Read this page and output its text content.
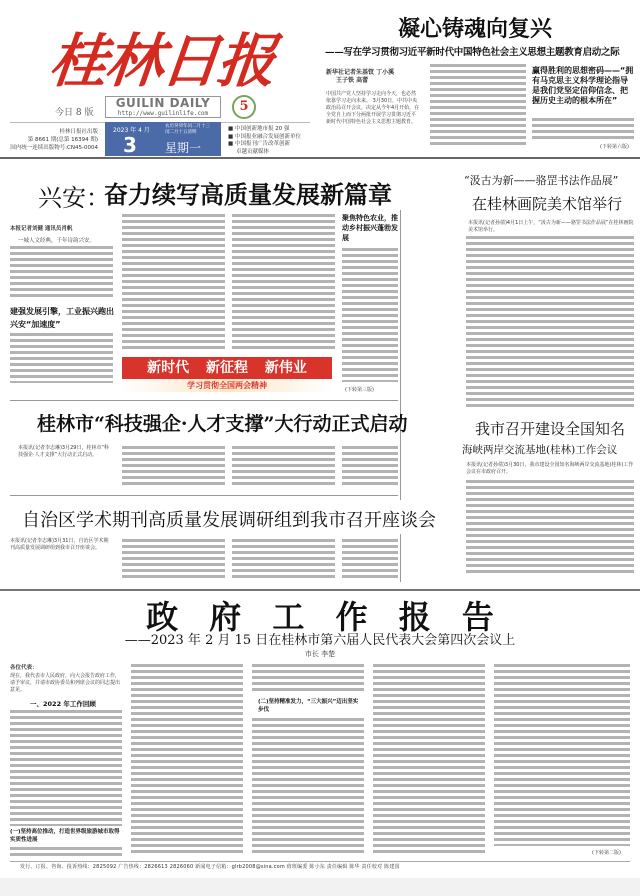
桂林日报
今日 8 版
GUILIN DAILY
http://www.guilinlife.com	5
桂林日报社出版
第 8661 期(总第 16394 期)
国内统一连续出版物号:CN45-0004
2023 年 4 月
3
农历癸卯年闰二月十三
闰二月十五清明
星期一
■ 中国创新地市报 20 强
■ 中国报业融合发展创新单位
■ 中国报刊广告改革创新
卓越贡献媒体
凝心铸魂向复兴
——写在学习贯彻习近平新时代中国特色社会主义思想主题教育启动之际
新华社记者朱基钗 丁小溪
王子铁 高蕾
中国共产党人坚持学习走向今天，也必然依靠学习走向未来。 3月30日，中共中央政治局召开会议，决定从今年4月开始，在全党自上而下分两批开展学习贯彻习近平新时代中国特色社会主义思想主题教育。
赢得胜利的思想密码——“拥有马克思主义科学理论指导是我们党坚定信仰信念、把握历史主动的根本所在”
(下转第六版)
兴安：
奋力续写高质量发展新篇章
本报记者刘健 通讯员肖帆
一城人文经典，千年诗韵兴安。
建强发展引擎，工业振兴跑出兴安“加速度”
聚焦特色农业，推动乡村振兴蓬勃发展
(下转第三版)
新时代 新征程 新伟业
学习贯彻全国两会精神
桂林市“科技强企·人才支撑”大行动正式启动
本报讯(记者李志琳)3月29日，桂林市“科技强企·人才支撑”大行动正式启动。
自治区学术期刊高质量发展调研组到我市召开座谈会
本报讯(记者李志琳)3月31日，自治区学术期刊高质量发展调研组到我市召开座谈会。
“汲古为新——骆罡书法作品展”
在桂林画院美术馆举行
本报讯(记者孙倩)4月1日上午，“汲古为新——骆罡书法作品展”在桂林画院美术馆举行。
我市召开建设全国知名
海峡两岸交流基地(桂林)工作会议
本报讯(记者孙倩)3月30日，我市建设全国知名海峡两岸交流基地(桂林)工作会议在市政府召开。
政 府 工 作 报 告
——2023 年 2 月 15 日在桂林市第六届人民代表大会第四次会议上
市长 李楚
各位代表：
现在，我代表市人民政府，向大会报告政府工作，请予审议，并请市政协委员和列席会议的同志提出意见。
一、2022 年工作回顾
(一)坚持高位推动，打造世界级旅游城市取得实质性进展
(二)坚持精准发力，“三大振兴”迈出坚实步伐
(下转第二版)
发行、订报、咨询、投诉热线：2825092 广告热线：2826613 2826060 新闻电子信箱：glrb2008@sina.com 值班编委 陈小东 责任编辑 陈华 责任校对 陈建国
